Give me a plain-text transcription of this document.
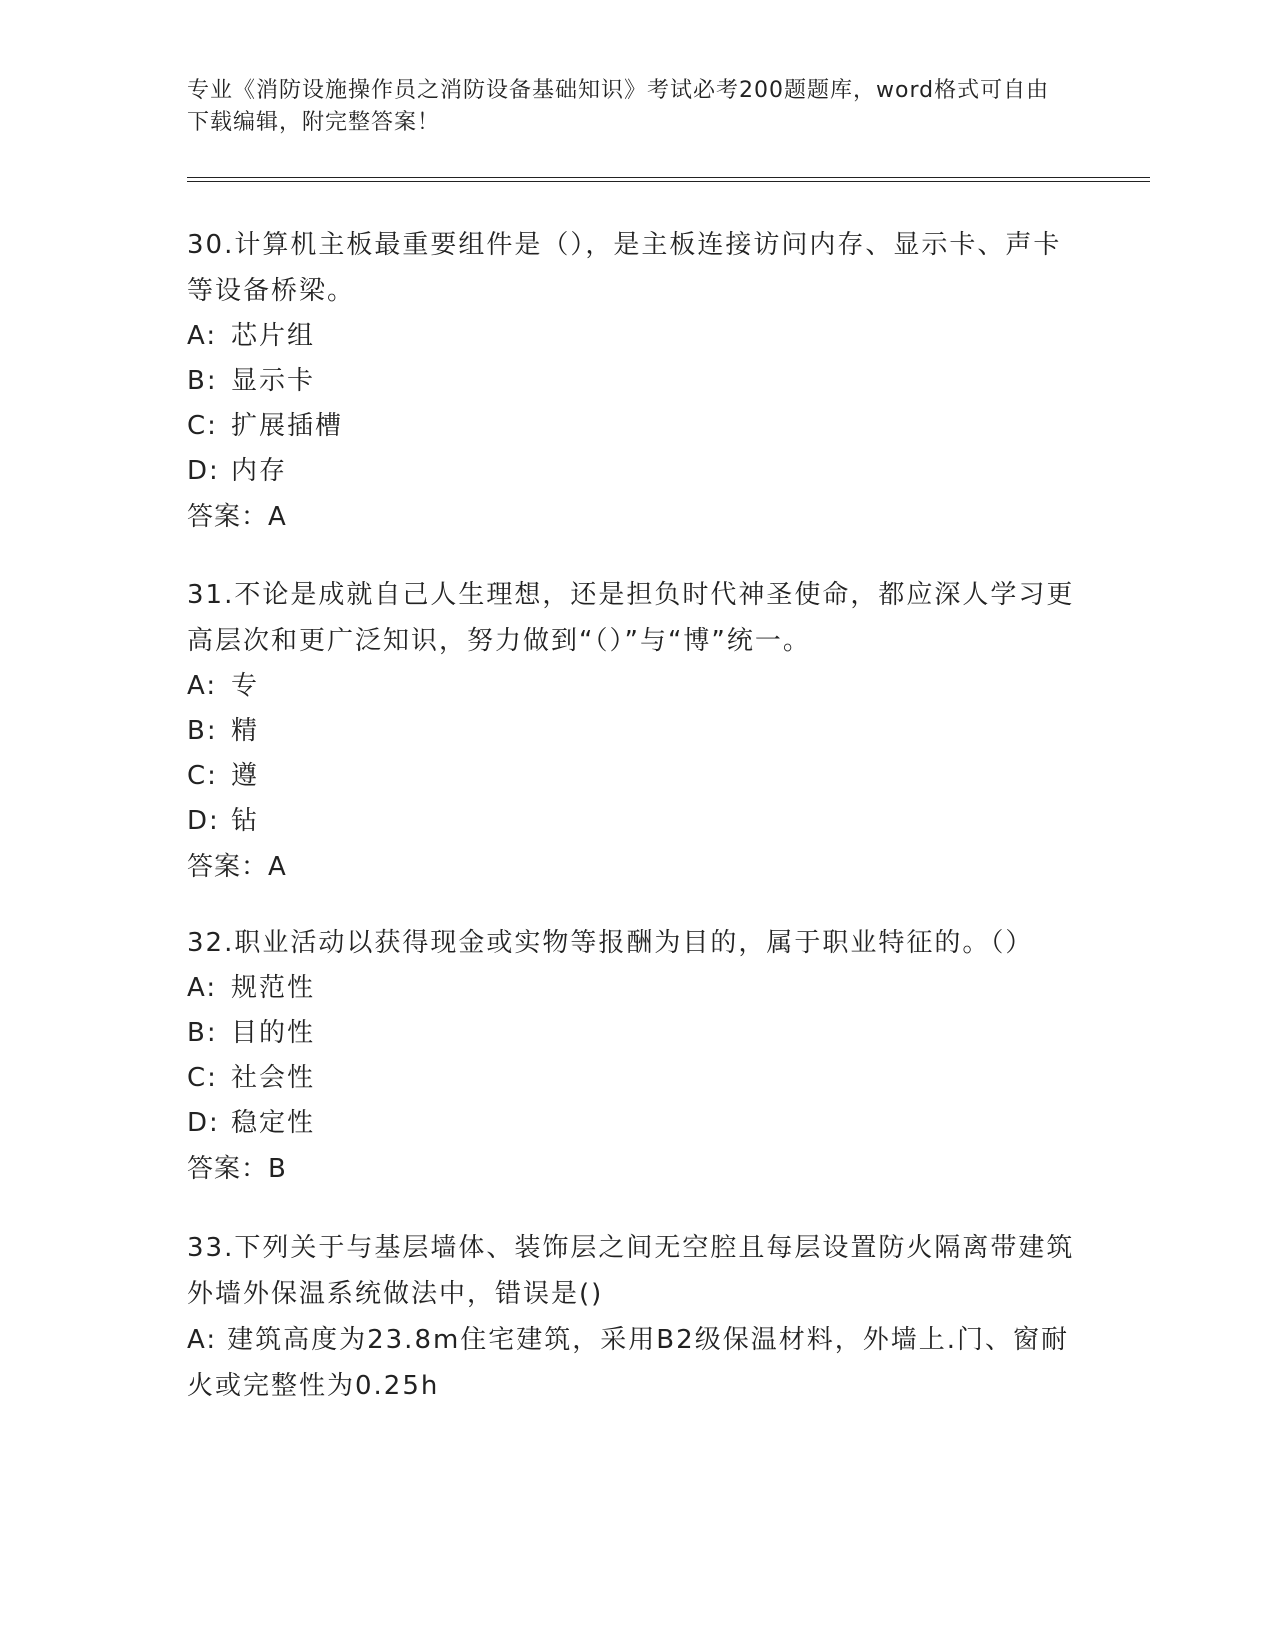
专业《消防设施操作员之消防设备基础知识》考试必考200题题库，word格式可自由下载编辑，附完整答案！
30.计算机主板最重要组件是（），是主板连接访问内存、显示卡、声卡等设备桥梁。
A: 芯片组
B: 显示卡
C: 扩展插槽
D: 内存
答案：A
31.不论是成就自己人生理想，还是担负时代神圣使命，都应深人学习更高层次和更广泛知识，努力做到“（）”与“博”统一。
A: 专
B: 精
C: 遵
D: 钻
答案：A
32.职业活动以获得现金或实物等报酬为目的，属于职业特征的。（）
A: 规范性
B: 目的性
C: 社会性
D: 稳定性
答案：B
33.下列关于与基层墙体、装饰层之间无空腔且每层设置防火隔离带建筑外墙外保温系统做法中，错误是()
A: 建筑高度为23.8m住宅建筑，采用B2级保温材料，外墙上.门、窗耐火或完整性为0.25h
